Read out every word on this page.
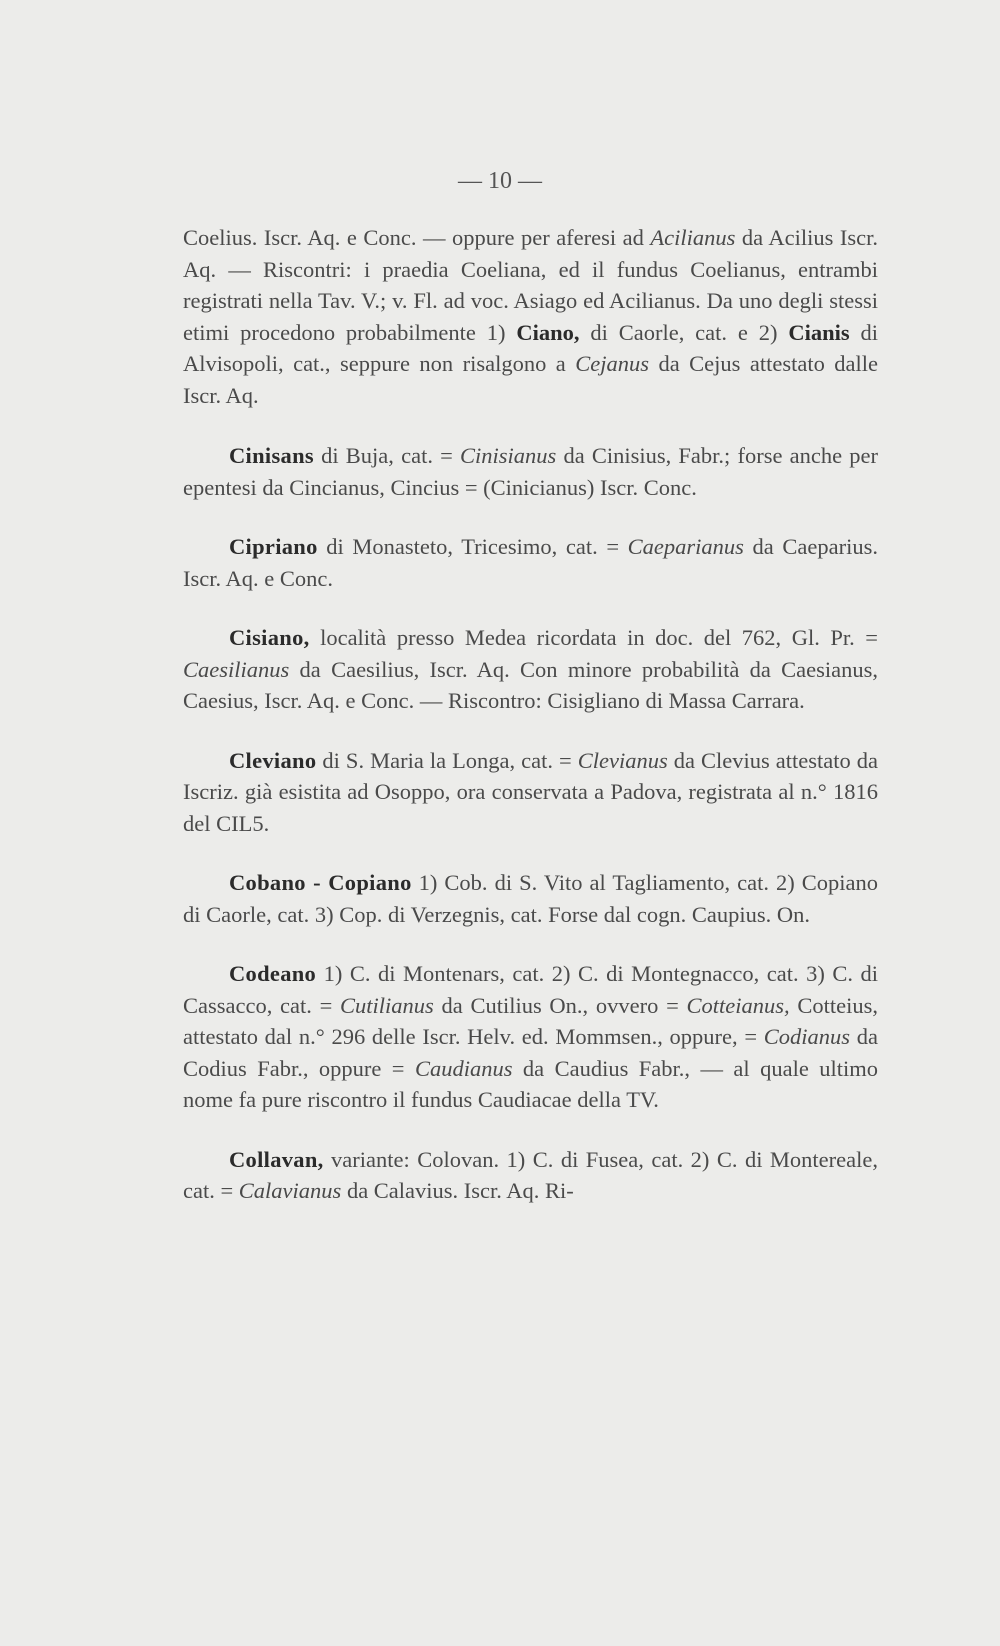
— 10 —

Coelius. Iscr. Aq. e Conc. — oppure per aferesi ad Acilianus da Acilius Iscr. Aq. — Riscontri: i praedia Coeliana, ed il fundus Coelianus, entrambi registrati nella Tav. V.; v. Fl. ad voc. Asiago ed Acilianus. Da uno degli stessi etimi procedono probabilmente 1) Ciano, di Caorle, cat. e 2) Cianis di Alvisopoli, cat., seppure non risalgono a Cejanus da Cejus attestato dalle Iscr. Aq.

Cinisans di Buja, cat. = Cinisianus da Cinisius, Fabr.; forse anche per epentesi da Cincianus, Cincius = (Cinicianus) Iscr. Conc.

Cipriano di Monasteto, Tricesimo, cat. = Caeparianus da Caeparius. Iscr. Aq. e Conc.

Cisiano, località presso Medea ricordata in doc. del 762, Gl. Pr. = Caesilianus da Caesilius, Iscr. Aq. Con minore probabilità da Caesianus, Caesius, Iscr. Aq. e Conc. — Riscontro: Cisigliano di Massa Carrara.

Cleviano di S. Maria la Longa, cat. = Clevianus da Clevius attestato da Iscriz. già esistita ad Osoppo, ora conservata a Padova, registrata al n.° 1816 del CIL5.

Cobano - Copiano 1) Cob. di S. Vito al Tagliamento, cat. 2) Copiano di Caorle, cat. 3) Cop. di Verzegnis, cat. Forse dal cogn. Caupius. On.

Codeano 1) C. di Montenars, cat. 2) C. di Montegnacco, cat. 3) C. di Cassacco, cat. = Cutilianus da Cutilius On., ovvero = Cotteianus, Cotteius, attestato dal n.° 296 delle Iscr. Helv. ed. Mommsen., oppure, = Codianus da Codius Fabr., oppure = Caudianus da Caudius Fabr., — al quale ultimo nome fa pure riscontro il fundus Caudiacae della TV.

Collavan, variante: Colovan. 1) C. di Fusea, cat. 2) C. di Montereale, cat. = Calavianus da Calavius. Iscr. Aq. Ri-
